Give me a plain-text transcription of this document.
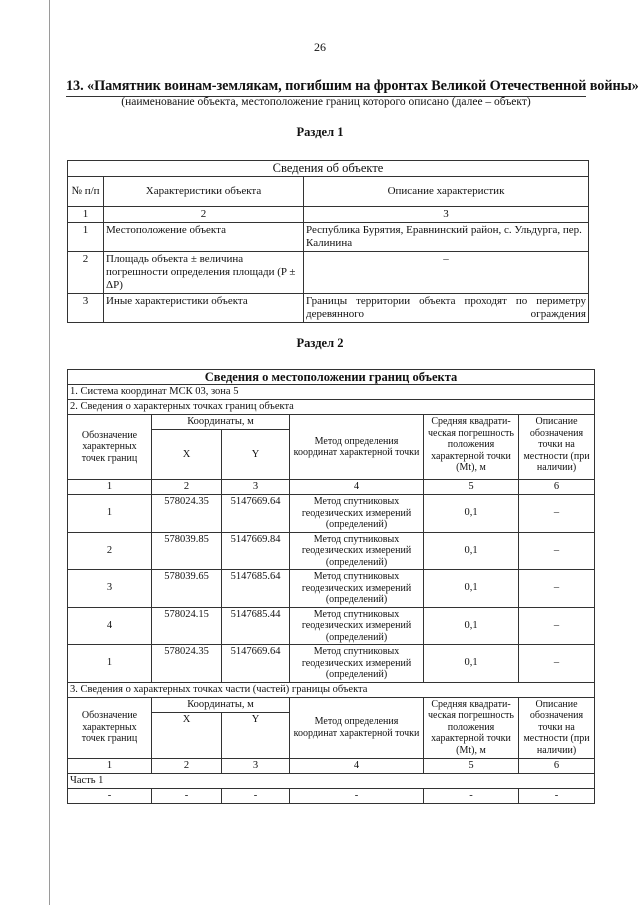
26
13. «Памятник воинам-землякам, погибшим на фронтах Великой Отечественной войны»
(наименование объекта, местоположение границ которого описано (далее – объект)
Раздел 1
Сведения об объекте		
№ п/п	Характеристики объекта	Описание характеристик
1	2	3
1	Местоположение объекта	Республика Бурятия, Еравнинский район, с. Ульдурга, пер. Калинина
2	Площадь объекта ± величина погрешности определения площади (P ± ΔP)	–
3	Иные характеристики объекта	Границы территории объекта проходят по периметру деревянного ограждения
Раздел 2
Сведения о местоположении границ объекта					
1. Система координат МСК 03, зона 5					
2. Сведения о характерных точках границ объекта					
Обозначение характерных точек границ	Координаты, м		Метод определения координат характерной точки	Средняя квадрати-ческая погрешность положения характерной точки (Mt), м	Описание обозначения точки на местности (при наличии)
	X	Y			
1	2	3	4	5	6
1	578024.35	5147669.64	Метод спутниковых геодезических измерений (определений)	0,1	–
2	578039.85	5147669.84	Метод спутниковых геодезических измерений (определений)	0,1	–
3	578039.65	5147685.64	Метод спутниковых геодезических измерений (определений)	0,1	–
4	578024.15	5147685.44	Метод спутниковых геодезических измерений (определений)	0,1	–
1	578024.35	5147669.64	Метод спутниковых геодезических измерений (определений)	0,1	–
3. Сведения о характерных точках части (частей) границы объекта					
Обозначение характерных точек границ	Координаты, м		Метод определения координат характерной точки	Средняя квадрати-ческая погрешность положения характерной точки (Mt), м	Описание обозначения точки на местности (при наличии)
	X	Y			
1	2	3	4	5	6
Часть 1					
-	-	-	-	-	-
